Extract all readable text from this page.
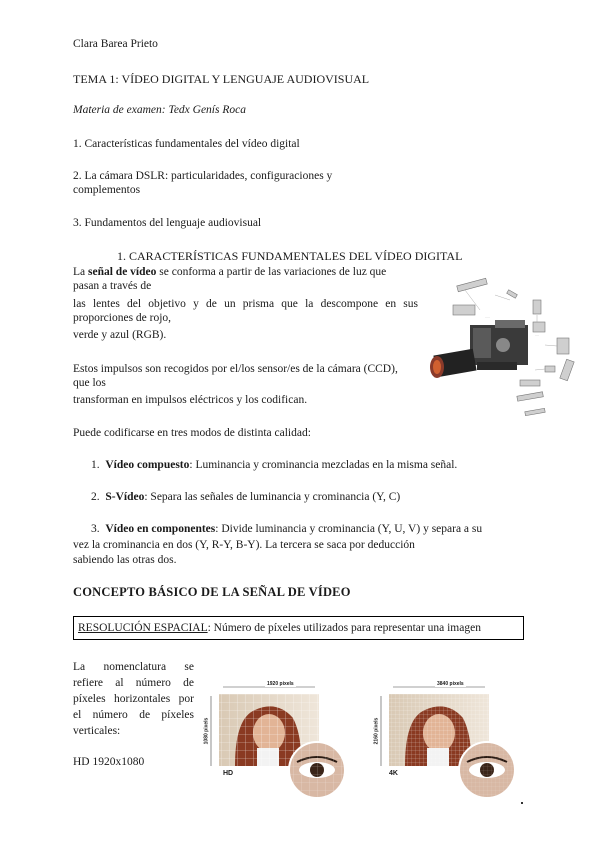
Clara Barea Prieto
TEMA 1: VÍDEO DIGITAL Y LENGUAJE AUDIOVISUAL
Materia de examen: Tedx Genís Roca
1. Características fundamentales del vídeo digital
2. La cámara DSLR: particularidades, configuraciones y
complementos
3. Fundamentos del lenguaje audiovisual
1. CARACTERÍSTICAS FUNDAMENTALES DEL VÍDEO DIGITAL
La señal de vídeo se conforma a partir de las variaciones de luz que
pasan a través de
las lentes del objetivo y de un prisma que la descompone en sus
proporciones de rojo,
verde y azul (RGB).
Estos impulsos son recogidos por el/los sensor/es de la cámara (CCD),
que los
transforman en impulsos eléctricos y los codifican.
Puede codificarse en tres modos de distinta calidad:
1. Vídeo compuesto: Luminancia y crominancia mezcladas en la misma señal.
2. S-Vídeo: Separa las señales de luminancia y crominancia (Y, C)
3. Vídeo en componentes: Divide luminancia y crominancia (Y, U, V) y separa a su
vez la crominancia en dos (Y, R-Y, B-Y). La tercera se saca por deducción
sabiendo las otras dos.
·····
····
CONCEPTO BÁSICO DE LA SEÑAL DE VÍDEO
RESOLUCIÓN ESPACIAL: Número de píxeles utilizados para representar una imagen
La nomenclatura se
refiere al número de
píxeles horizontales por
el número de píxeles
verticales:
HD 1920x1080
1920 pixels
1080 pixels
HD
3840 pixels
2160 pixels
4K
